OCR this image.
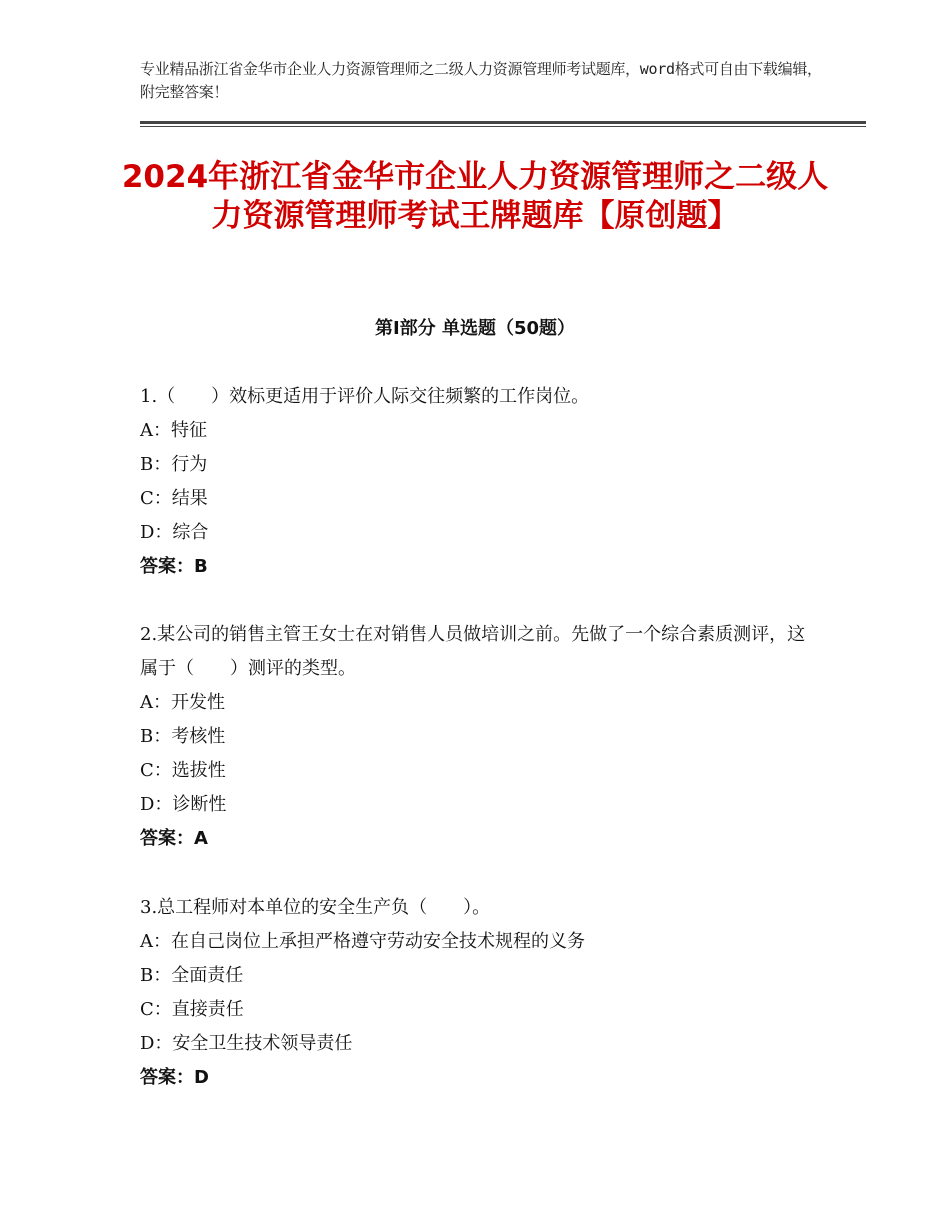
专业精品浙江省金华市企业人力资源管理师之二级人力资源管理师考试题库，word格式可自由下载编辑，附完整答案！
2024年浙江省金华市企业人力资源管理师之二级人力资源管理师考试王牌题库【原创题】
第Ⅰ部分 单选题（50题）

1.（　　）效标更适用于评价人际交往频繁的工作岗位。

A：特征

B：行为

C：结果

D：综合

答案：B

2.某公司的销售主管王女士在对销售人员做培训之前。先做了一个综合素质测评，这属于（　　）测评的类型。

A：开发性

B：考核性

C：选拔性

D：诊断性

答案：A

3.总工程师对本单位的安全生产负（　　）。

A：在自己岗位上承担严格遵守劳动安全技术规程的义务

B：全面责任

C：直接责任

D：安全卫生技术领导责任

答案：D
